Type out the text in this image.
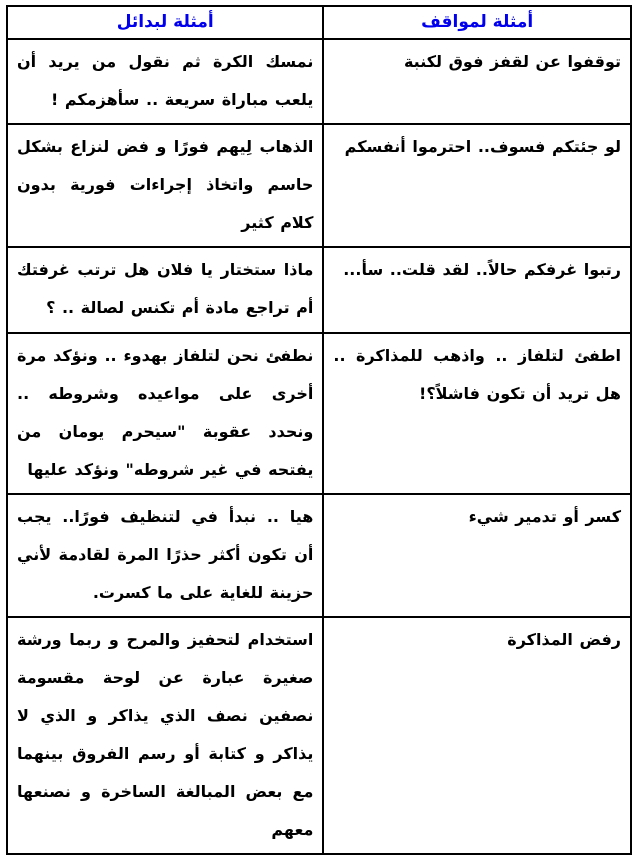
أمثلة لمواقف	أمثلة لبدائل
توقفوا عن لقفز فوق لكنبة	نمسك الكرة ثم نقول من يريد أن يلعب مباراة سريعة .. سأهزمكم !
لو جئتكم فسوف.. احترموا أنفسكم	الذهاب لِيهم فورًا و فض لنزاع بشكل حاسم واتخاذ إجراءات فورية بدون كلام كثير
رتبوا غرفكم حالاً.. لقد قلت.. سأ...	ماذا ستختار يا فلان هل ترتب غرفتك أم تراجع مادة أم تكنس لصالة .. ؟
اطفئ لتلفاز .. واذهب للمذاكرة .. هل تريد أن تكون فاشلاً؟!	نطفئ نحن لتلفاز بهدوء .. ونؤكد مرة أخرى على مواعيده وشروطه .. ونحدد عقوبة "سيحرم يومان من يفتحه في غير شروطه" ونؤكد عليها
كسر أو تدمير شيء	هيا .. نبدأ في لتنظيف فورًا.. يجب أن تكون أكثر حذرًا المرة لقادمة لأني حزينة للغاية على ما كسرت.
رفض المذاكرة	استخدام لتحفيز والمرح و ربما ورشة صغيرة عبارة عن لوحة مقسومة نصفين نصف الذي يذاكر و الذي لا يذاكر و كتابة أو رسم الفروق بينهما مع بعض المبالغة الساخرة و نصنعها معهم
